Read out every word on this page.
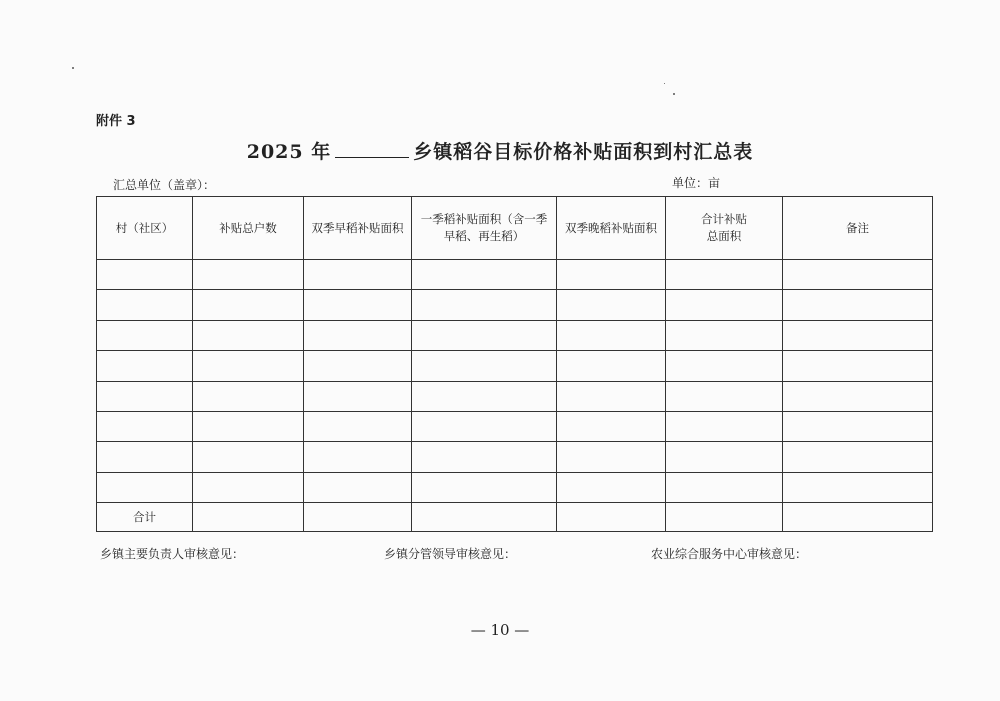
附件 3
2025 年	乡镇稻谷目标价格补贴面积到村汇总表
汇总单位（盖章）：	单位：亩
村（社区）	补贴总户数	双季早稻补贴面积	一季稻补贴面积（含一季
早稻、再生稻）	双季晚稻补贴面积	合计补贴
总面积	备注

合计						
乡镇主要负责人审核意见：	乡镇分管领导审核意见：	农业综合服务中心审核意见：
— 10 —
